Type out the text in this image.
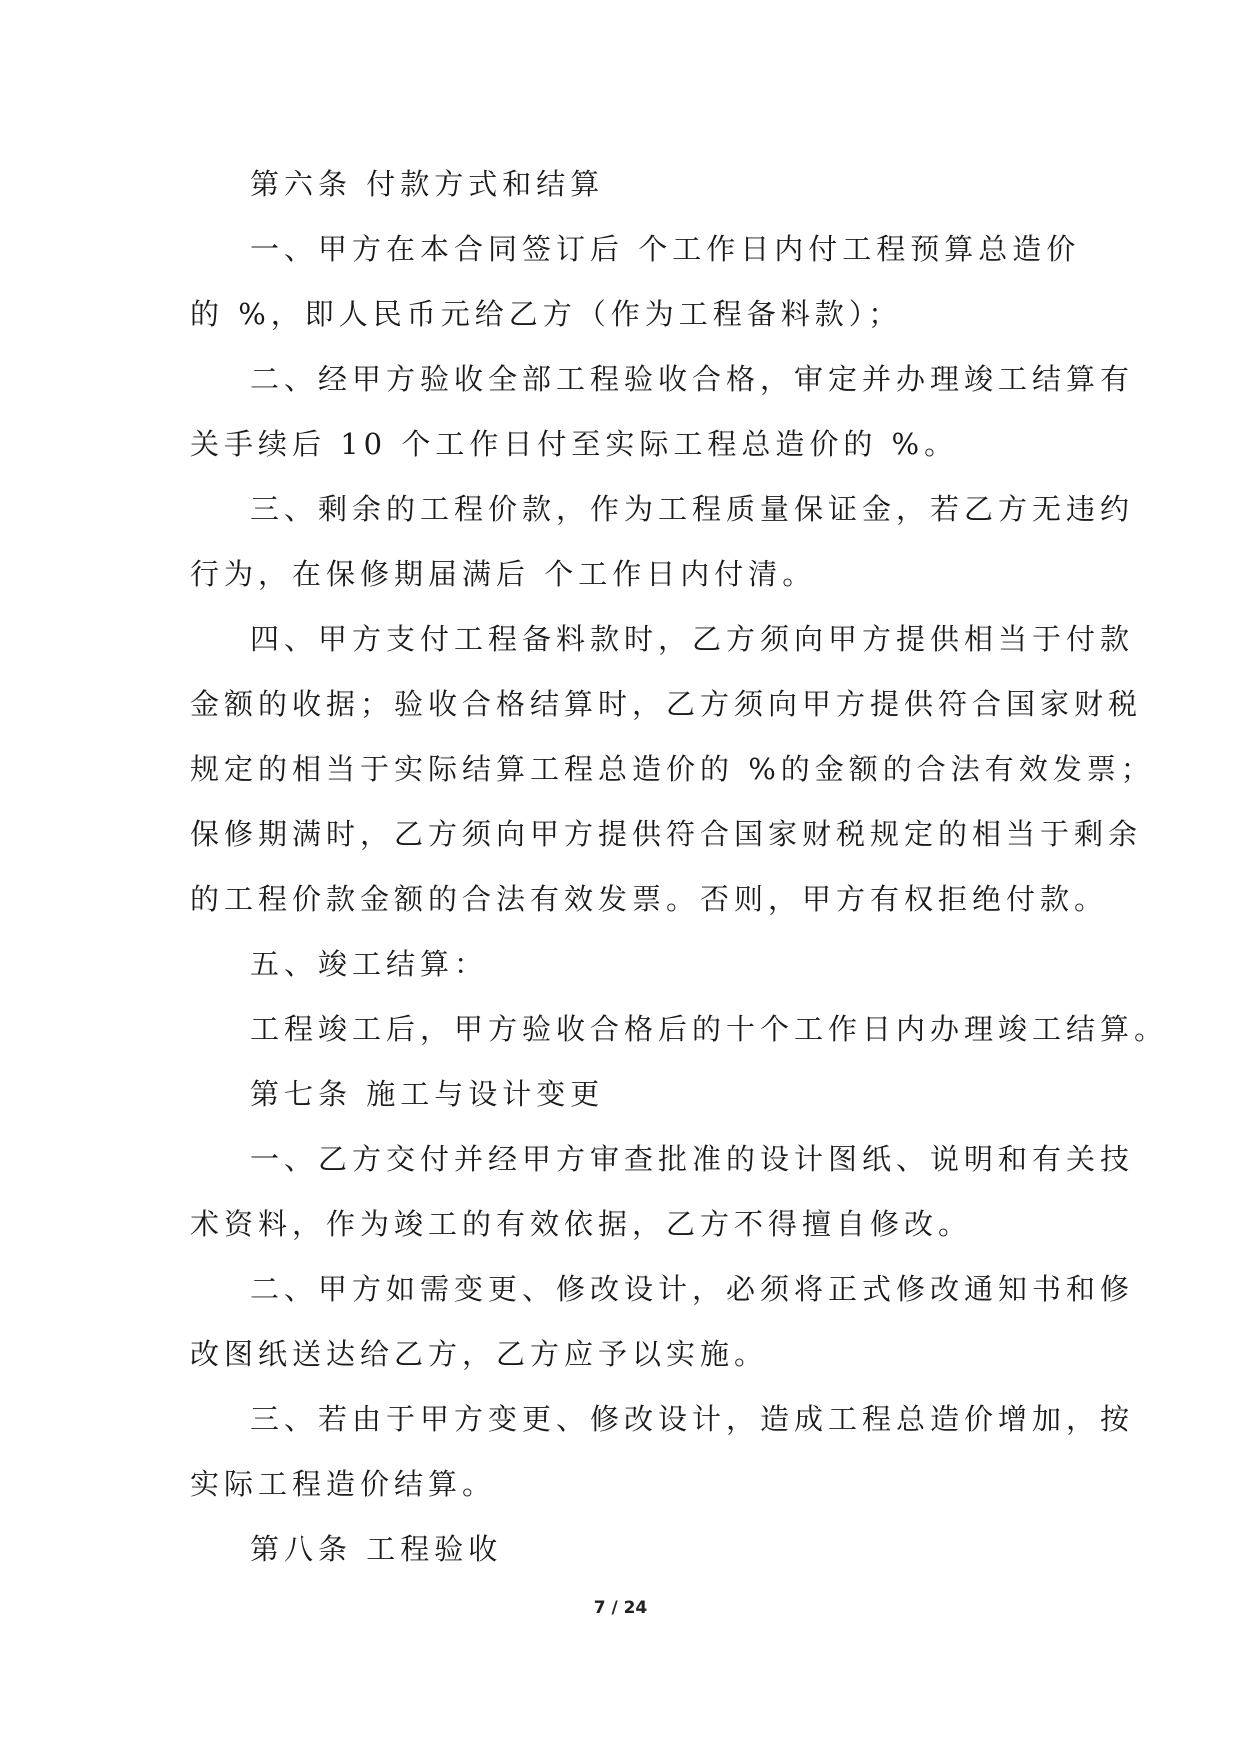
第六条 付款方式和结算
一、甲方在本合同签订后 个工作日内付工程预算总造价
的 %，即人民币元给乙方（作为工程备料款）；
二、经甲方验收全部工程验收合格，审定并办理竣工结算有
关手续后 10 个工作日付至实际工程总造价的 %。
三、剩余的工程价款，作为工程质量保证金，若乙方无违约
行为，在保修期届满后 个工作日内付清。
四、甲方支付工程备料款时，乙方须向甲方提供相当于付款
金额的收据；验收合格结算时，乙方须向甲方提供符合国家财税
规定的相当于实际结算工程总造价的 %的金额的合法有效发票；
保修期满时，乙方须向甲方提供符合国家财税规定的相当于剩余
的工程价款金额的合法有效发票。否则，甲方有权拒绝付款。
五、竣工结算：
工程竣工后，甲方验收合格后的十个工作日内办理竣工结算。
第七条 施工与设计变更
一、乙方交付并经甲方审查批准的设计图纸、说明和有关技
术资料，作为竣工的有效依据，乙方不得擅自修改。
二、甲方如需变更、修改设计，必须将正式修改通知书和修
改图纸送达给乙方，乙方应予以实施。
三、若由于甲方变更、修改设计，造成工程总造价增加，按
实际工程造价结算。
第八条 工程验收
7 / 24
